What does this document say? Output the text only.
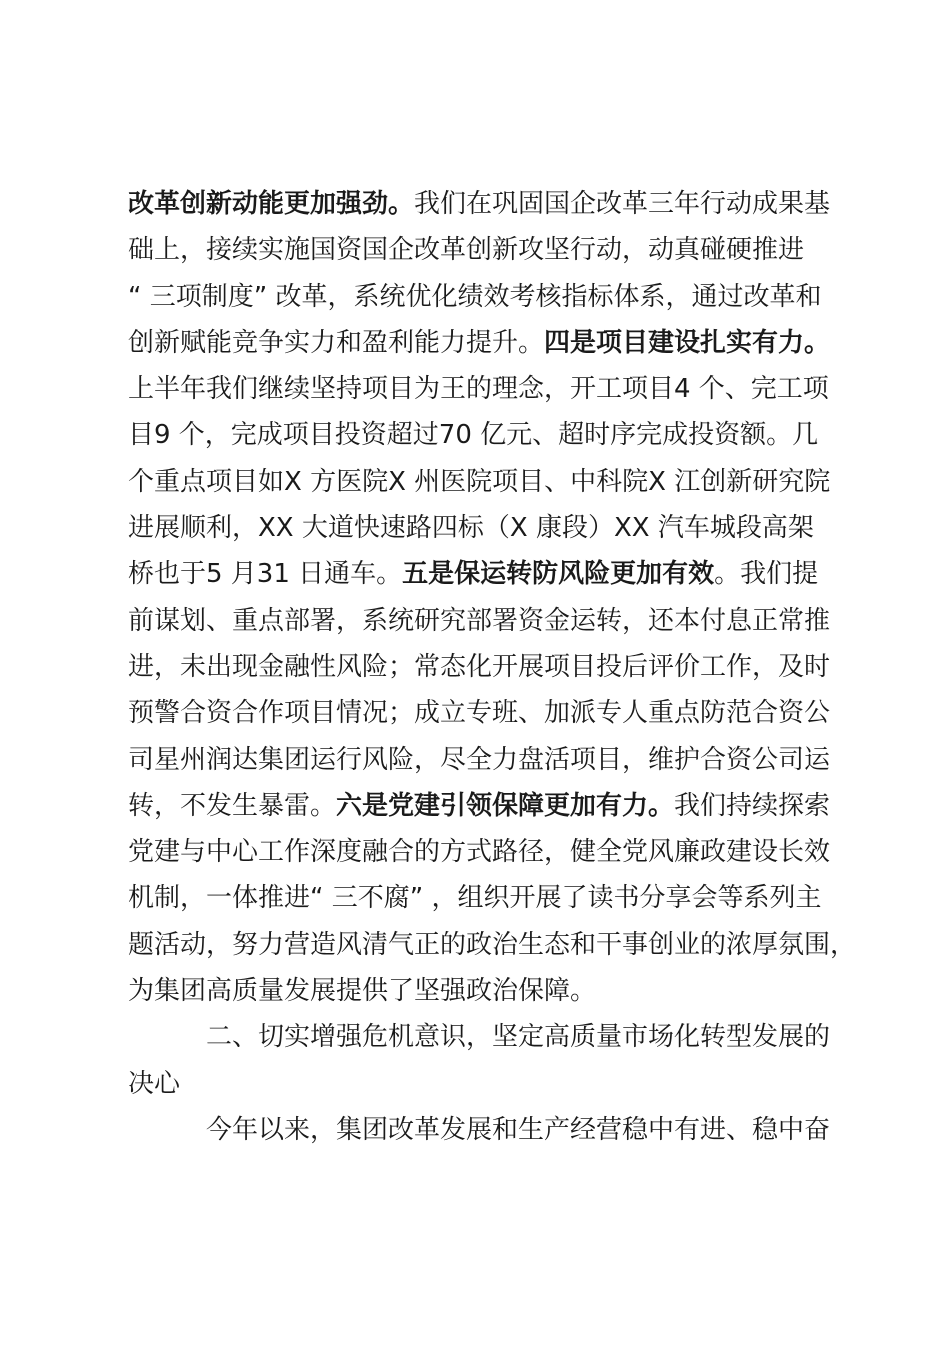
改革创新动能更加强劲。我们在巩固国企改革三年行动成果基
础上，接续实施国资国企改革创新攻坚行动，动真碰硬推进
“ 三项制度” 改革，系统优化绩效考核指标体系，通过改革和
创新赋能竞争实力和盈利能力提升。四是项目建设扎实有力。
上半年我们继续坚持项目为王的理念，开工项目4 个、完工项
目9 个，完成项目投资超过70 亿元、超时序完成投资额。几
个重点项目如X 方医院X 州医院项目、中科院X 江创新研究院
进展顺利，XX 大道快速路四标（X 康段）XX 汽车城段高架
桥也于5 月31 日通车。五是保运转防风险更加有效。我们提
前谋划、重点部署，系统研究部署资金运转，还本付息正常推
进，未出现金融性风险；常态化开展项目投后评价工作，及时
预警合资合作项目情况；成立专班、加派专人重点防范合资公
司星州润达集团运行风险，尽全力盘活项目，维护合资公司运
转，不发生暴雷。六是党建引领保障更加有力。我们持续探索
党建与中心工作深度融合的方式路径，健全党风廉政建设长效
机制，一体推进“ 三不腐” ，组织开展了读书分享会等系列主
题活动，努力营造风清气正的政治生态和干事创业的浓厚氛围，
为集团高质量发展提供了坚强政治保障。
二、切实增强危机意识，坚定高质量市场化转型发展的
决心
今年以来，集团改革发展和生产经营稳中有进、稳中奋
